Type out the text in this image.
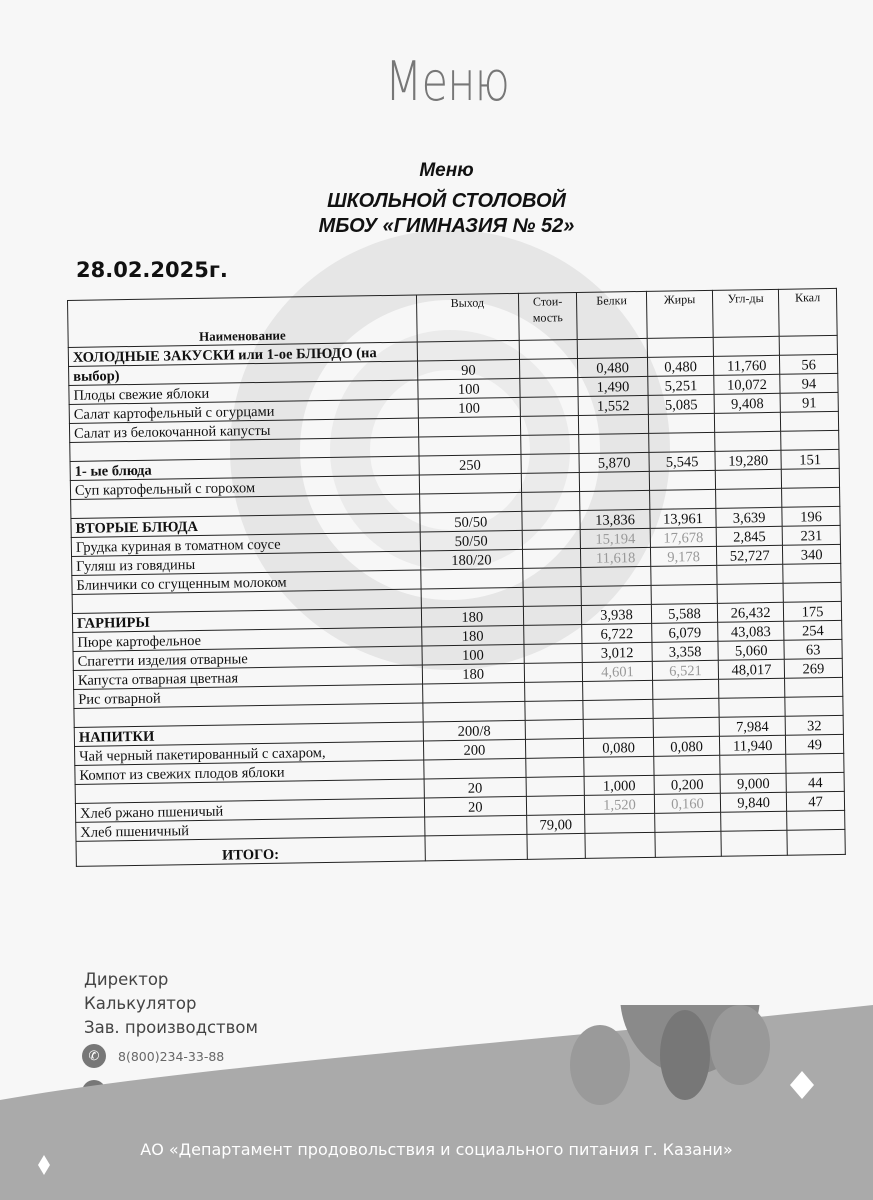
Меню
Меню
ШКОЛЬНОЙ СТОЛОВОЙ
МБОУ «ГИМНАЗИЯ № 52»
28.02.2025г.
Наименование	Выход	Стои-мость	Белки	Жиры	Угл-ды	Ккал
ХОЛОДНЫЕ ЗАКУСКИ или 1-ое БЛЮДО (на						
выбор)	90		0,480	0,480	11,760	56
Плоды свежие яблоки	100		1,490	5,251	10,072	94
Салат картофельный с огурцами	100		1,552	5,085	9,408	91
Салат из белокочанной капусты						

1- ые блюда	250		5,870	5,545	19,280	151
Суп картофельный с горохом						

ВТОРЫЕ БЛЮДА	50/50		13,836	13,961	3,639	196
Грудка куриная в томатном соусе	50/50		15,194	17,678	2,845	231
Гуляш из говядины	180/20		11,618	9,178	52,727	340
Блинчики со сгущенным молоком						

ГАРНИРЫ	180		3,938	5,588	26,432	175
Пюре картофельное	180		6,722	6,079	43,083	254
Спагетти изделия отварные	100		3,012	3,358	5,060	63
Капуста отварная цветная	180		4,601	6,521	48,017	269
Рис отварной						

НАПИТКИ	200/8				7,984	32
Чай черный пакетированный с сахаром,	200		0,080	0,080	11,940	49
Компот из свежих плодов яблоки						
	20		1,000	0,200	9,000	44
Хлеб ржано пшеничый	20		1,520	0,160	9,840	47
Хлеб пшеничный		79,00				
ИТОГО:						
Директор
Калькулятор
Зав. производством
✆	8(800)234-33-88
АО «Департамент продовольствия и социального питания г. Казани»
